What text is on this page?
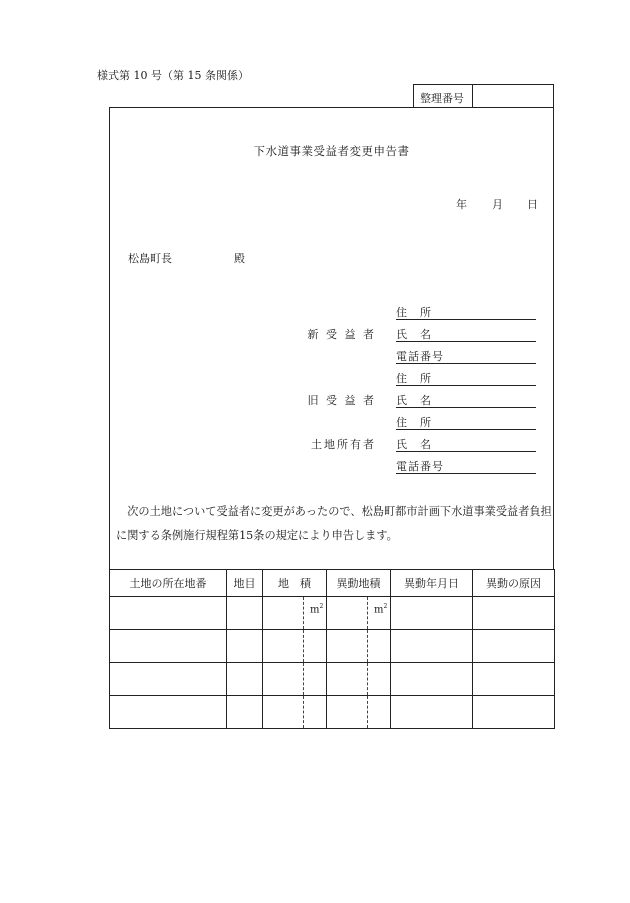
様式第 10 号（第 15 条関係）
整理番号
下水道事業受益者変更申告書
年 月 日
松島町長	殿
住　所
新 受 益 者 氏　名
電話番号
住　所
旧 受 益 者 氏　名
住　所
土地所有者 氏　名
電話番号
次の土地について受益者に変更があったので、松島町都市計画下水道事業受益者負担に関する条例施行規程第15条の規定により申告します。
土地の所在地番	地目	地　積	異動地積	異動年月日	異動の原因

		$m^2$	$m^2$
